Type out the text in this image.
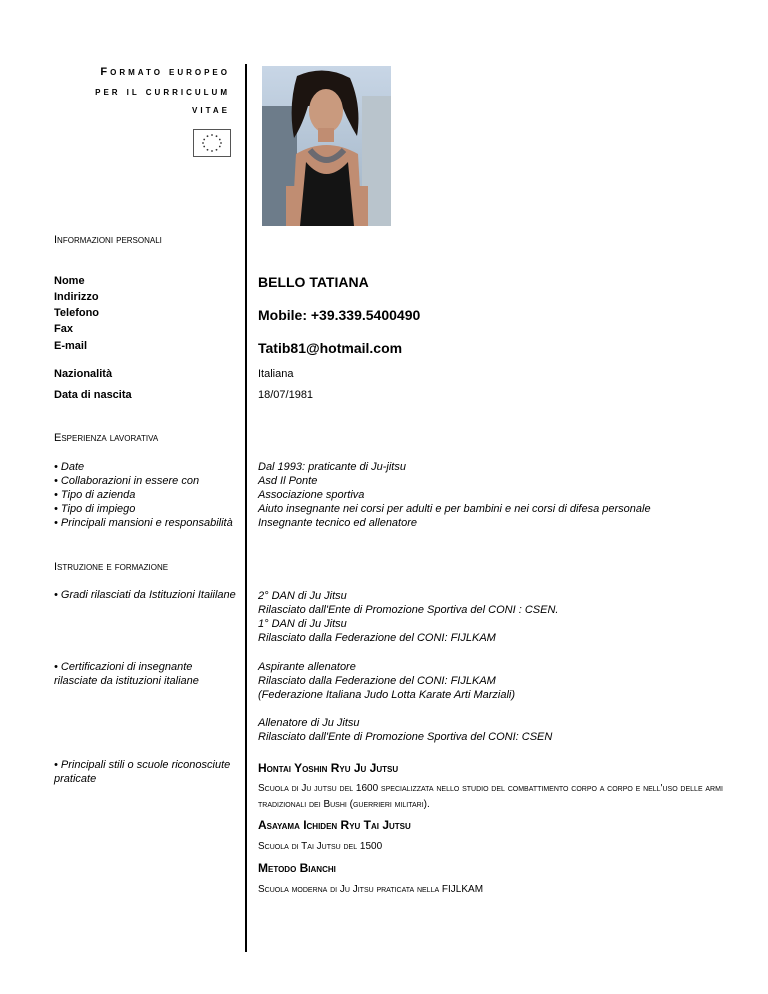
Formato europeo
per il curriculum
vitae
Informazioni personali
Nome
Indirizzo
Telefono
Fax
E-mail
BELLO TATIANA
Mobile: +39.339.5400490
Tatib81@hotmail.com
Nazionalità	Italiana
Data di nascita	18/07/1981
Esperienza lavorativa
• Date
• Collaborazioni in essere con
• Tipo di azienda
• Tipo di impiego
• Principali mansioni e responsabilità
Dal 1993: praticante di Ju-jitsu
Asd Il Ponte
Associazione sportiva
Aiuto insegnante nei corsi per adulti e per bambini e nei corsi di difesa personale
Insegnante tecnico ed allenatore
Istruzione e formazione
• Gradi rilasciati da Istituzioni Itaiilane 2° DAN di Ju Jitsu
Rilasciato dall'Ente di Promozione Sportiva del CONI : CSEN.
1° DAN di Ju Jitsu
Rilasciato dalla Federazione del CONI: FIJLKAM
• Certificazioni di insegnante
rilasciate da istituzioni italiane
Aspirante allenatore
Rilasciato dalla Federazione del CONI: FIJLKAM
(Federazione Italiana Judo Lotta Karate Arti Marziali)
Allenatore di Ju Jitsu
Rilasciato dall'Ente di Promozione Sportiva del CONI: CSEN
• Principali stili o scuole riconosciute
praticate
Hontai Yoshin Ryu Ju Jutsu
Scuola di Ju jutsu del 1600 specializzata nello studio del combattimento corpo a corpo e nell'uso delle armi tradizionali dei Bushi (guerrieri militari).
Asayama Ichiden Ryu Tai Jutsu
Scuola di Tai Jutsu del 1500
Metodo Bianchi
Scuola moderna di Ju Jitsu praticata nella FIJLKAM
